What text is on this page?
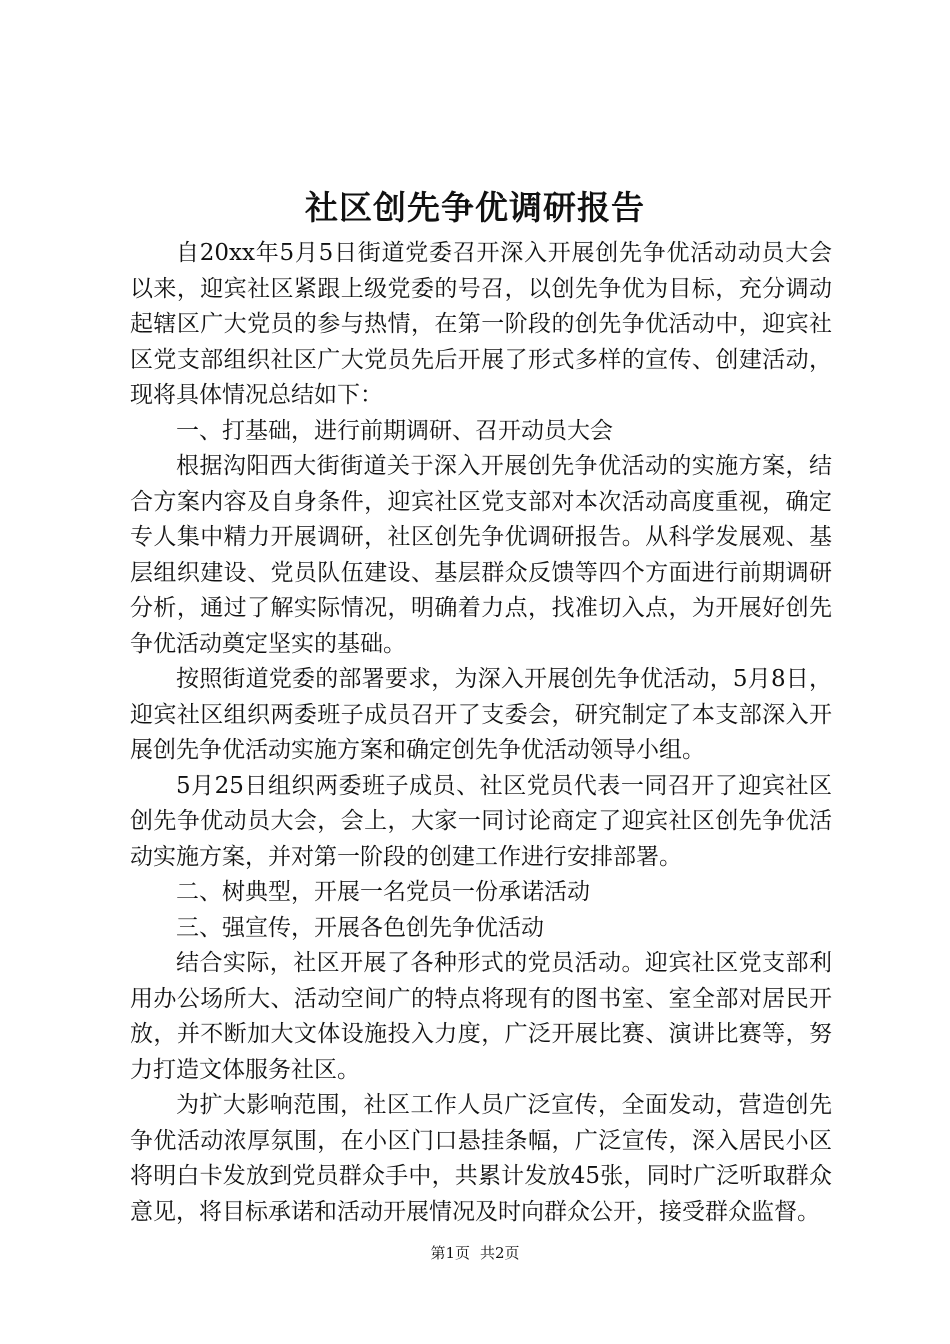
社区创先争优调研报告

自20xx年5月5日街道党委召开深入开展创先争优活动动员大会以来，迎宾社区紧跟上级党委的号召，以创先争优为目标，充分调动起辖区广大党员的参与热情，在第一阶段的创先争优活动中，迎宾社区党支部组织社区广大党员先后开展了形式多样的宣传、创建活动，现将具体情况总结如下：

一、打基础，进行前期调研、召开动员大会

根据沟阳西大街街道关于深入开展创先争优活动的实施方案，结合方案内容及自身条件，迎宾社区党支部对本次活动高度重视，确定专人集中精力开展调研，社区创先争优调研报告。从科学发展观、基层组织建设、党员队伍建设、基层群众反馈等四个方面进行前期调研分析，通过了解实际情况，明确着力点，找准切入点，为开展好创先争优活动奠定坚实的基础。

按照街道党委的部署要求，为深入开展创先争优活动，5月8日，迎宾社区组织两委班子成员召开了支委会，研究制定了本支部深入开展创先争优活动实施方案和确定创先争优活动领导小组。

5月25日组织两委班子成员、社区党员代表一同召开了迎宾社区创先争优动员大会，会上，大家一同讨论商定了迎宾社区创先争优活动实施方案，并对第一阶段的创建工作进行安排部署。

二、树典型，开展一名党员一份承诺活动

三、强宣传，开展各色创先争优活动

结合实际，社区开展了各种形式的党员活动。迎宾社区党支部利用办公场所大、活动空间广的特点将现有的图书室、室全部对居民开放，并不断加大文体设施投入力度，广泛开展比赛、演讲比赛等，努力打造文体服务社区。

为扩大影响范围，社区工作人员广泛宣传，全面发动，营造创先争优活动浓厚氛围，在小区门口悬挂条幅，广泛宣传，深入居民小区将明白卡发放到党员群众手中，共累计发放45张，同时广泛听取群众意见，将目标承诺和活动开展情况及时向群众公开，接受群众监督。

第1页 共2页
